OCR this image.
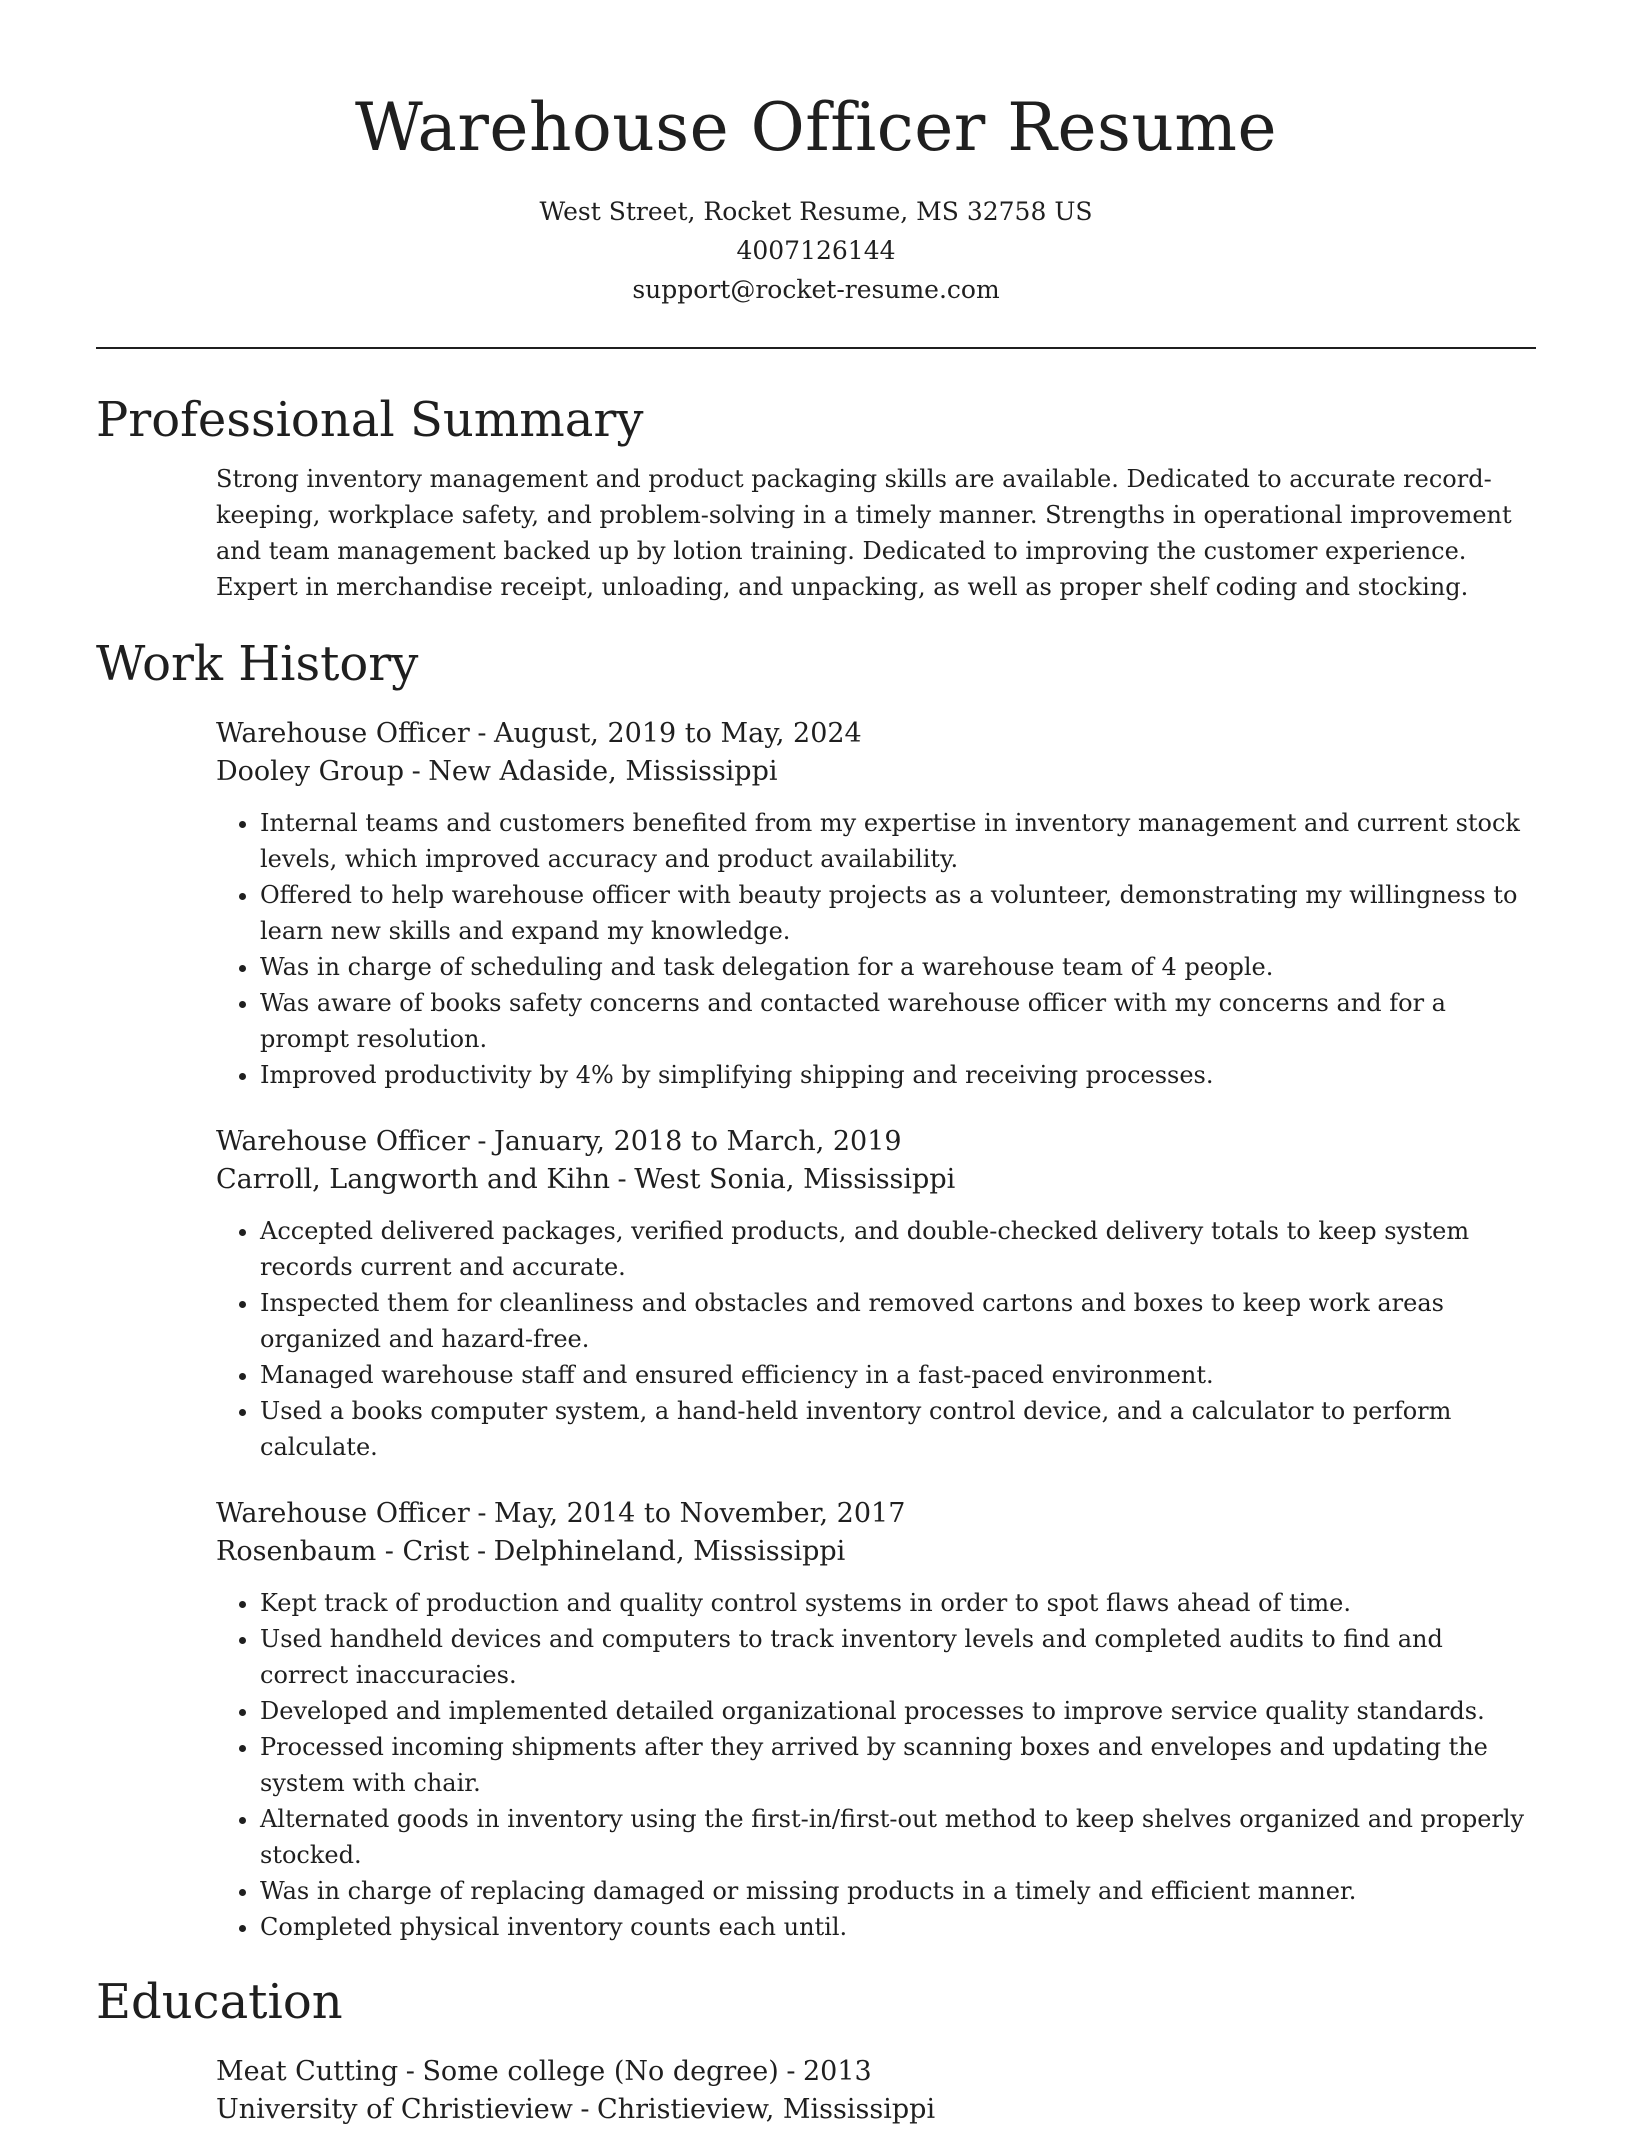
Warehouse Officer Resume
West Street, Rocket Resume, MS 32758 US
4007126144
support@rocket-resume.com
Professional Summary

Strong inventory management and product packaging skills are available. Dedicated to accurate record-keeping, workplace safety, and problem-solving in a timely manner. Strengths in operational improvement and team management backed up by lotion training. Dedicated to improving the customer experience. Expert in merchandise receipt, unloading, and unpacking, as well as proper shelf coding and stocking.

Work History
Warehouse Officer - August, 2019 to May, 2024
Dooley Group - New Adaside, Mississippi
• Internal teams and customers benefited from my expertise in inventory management and current stock levels, which improved accuracy and product availability.
• Offered to help warehouse officer with beauty projects as a volunteer, demonstrating my willingness to learn new skills and expand my knowledge.
• Was in charge of scheduling and task delegation for a warehouse team of 4 people.
• Was aware of books safety concerns and contacted warehouse officer with my concerns and for a prompt resolution.
• Improved productivity by 4% by simplifying shipping and receiving processes.
Warehouse Officer - January, 2018 to March, 2019
Carroll, Langworth and Kihn - West Sonia, Mississippi
• Accepted delivered packages, verified products, and double-checked delivery totals to keep system records current and accurate.
• Inspected them for cleanliness and obstacles and removed cartons and boxes to keep work areas organized and hazard-free.
• Managed warehouse staff and ensured efficiency in a fast-paced environment.
• Used a books computer system, a hand-held inventory control device, and a calculator to perform calculate.
Warehouse Officer - May, 2014 to November, 2017
Rosenbaum - Crist - Delphineland, Mississippi
• Kept track of production and quality control systems in order to spot flaws ahead of time.
• Used handheld devices and computers to track inventory levels and completed audits to find and correct inaccuracies.
• Developed and implemented detailed organizational processes to improve service quality standards.
• Processed incoming shipments after they arrived by scanning boxes and envelopes and updating the system with chair.
• Alternated goods in inventory using the first-in/first-out method to keep shelves organized and properly stocked.
• Was in charge of replacing damaged or missing products in a timely and efficient manner.
• Completed physical inventory counts each until.
Education
Meat Cutting - Some college (No degree) - 2013
University of Christieview - Christieview, Mississippi
